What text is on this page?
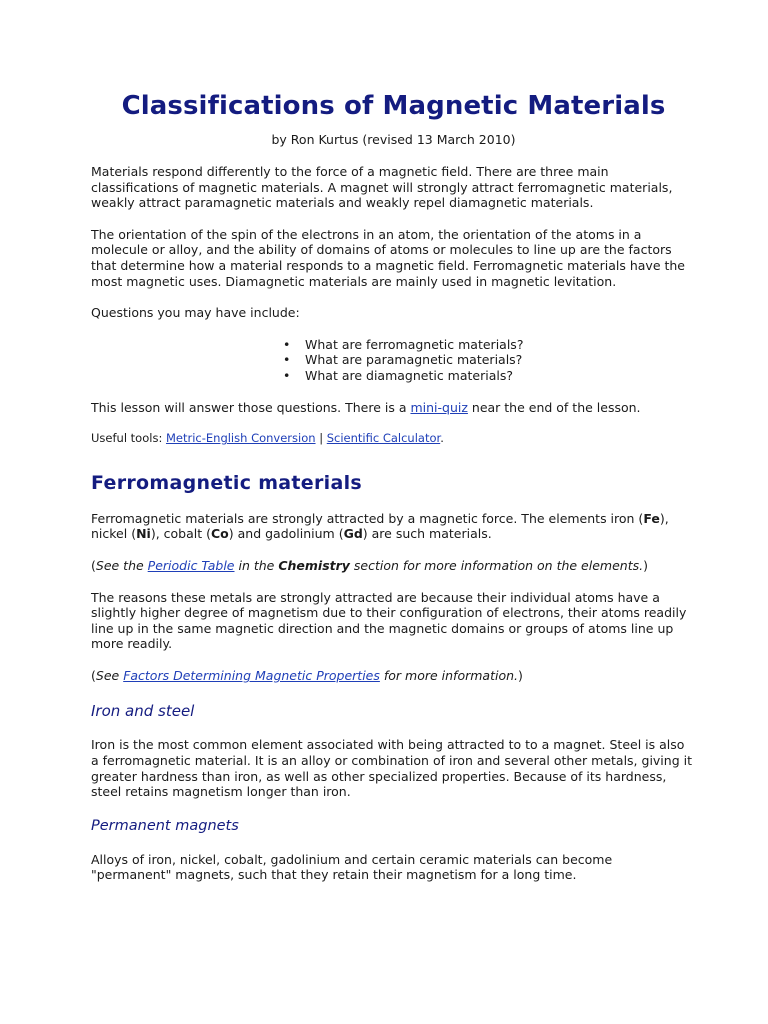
Classifications of Magnetic Materials
by Ron Kurtus (revised 13 March 2010)

Materials respond differently to the force of a magnetic field. There are three main classifications of magnetic materials. A magnet will strongly attract ferromagnetic materials, weakly attract paramagnetic materials and weakly repel diamagnetic materials.

The orientation of the spin of the electrons in an atom, the orientation of the atoms in a molecule or alloy, and the ability of domains of atoms or molecules to line up are the factors that determine how a material responds to a magnetic field. Ferromagnetic materials have the most magnetic uses. Diamagnetic materials are mainly used in magnetic levitation.

Questions you may have include:

• What are ferromagnetic materials?
• What are paramagnetic materials?
• What are diamagnetic materials?

This lesson will answer those questions. There is a mini-quiz near the end of the lesson.

Useful tools: Metric-English Conversion | Scientific Calculator.

Ferromagnetic materials

Ferromagnetic materials are strongly attracted by a magnetic force. The elements iron (Fe), nickel (Ni), cobalt (Co) and gadolinium (Gd) are such materials.

(See the Periodic Table in the Chemistry section for more information on the elements.)

The reasons these metals are strongly attracted are because their individual atoms have a slightly higher degree of magnetism due to their configuration of electrons, their atoms readily line up in the same magnetic direction and the magnetic domains or groups of atoms line up more readily.

(See Factors Determining Magnetic Properties for more information.)

Iron and steel

Iron is the most common element associated with being attracted to to a magnet. Steel is also a ferromagnetic material. It is an alloy or combination of iron and several other metals, giving it greater hardness than iron, as well as other specialized properties. Because of its hardness, steel retains magnetism longer than iron.

Permanent magnets

Alloys of iron, nickel, cobalt, gadolinium and certain ceramic materials can become "permanent" magnets, such that they retain their magnetism for a long time.
